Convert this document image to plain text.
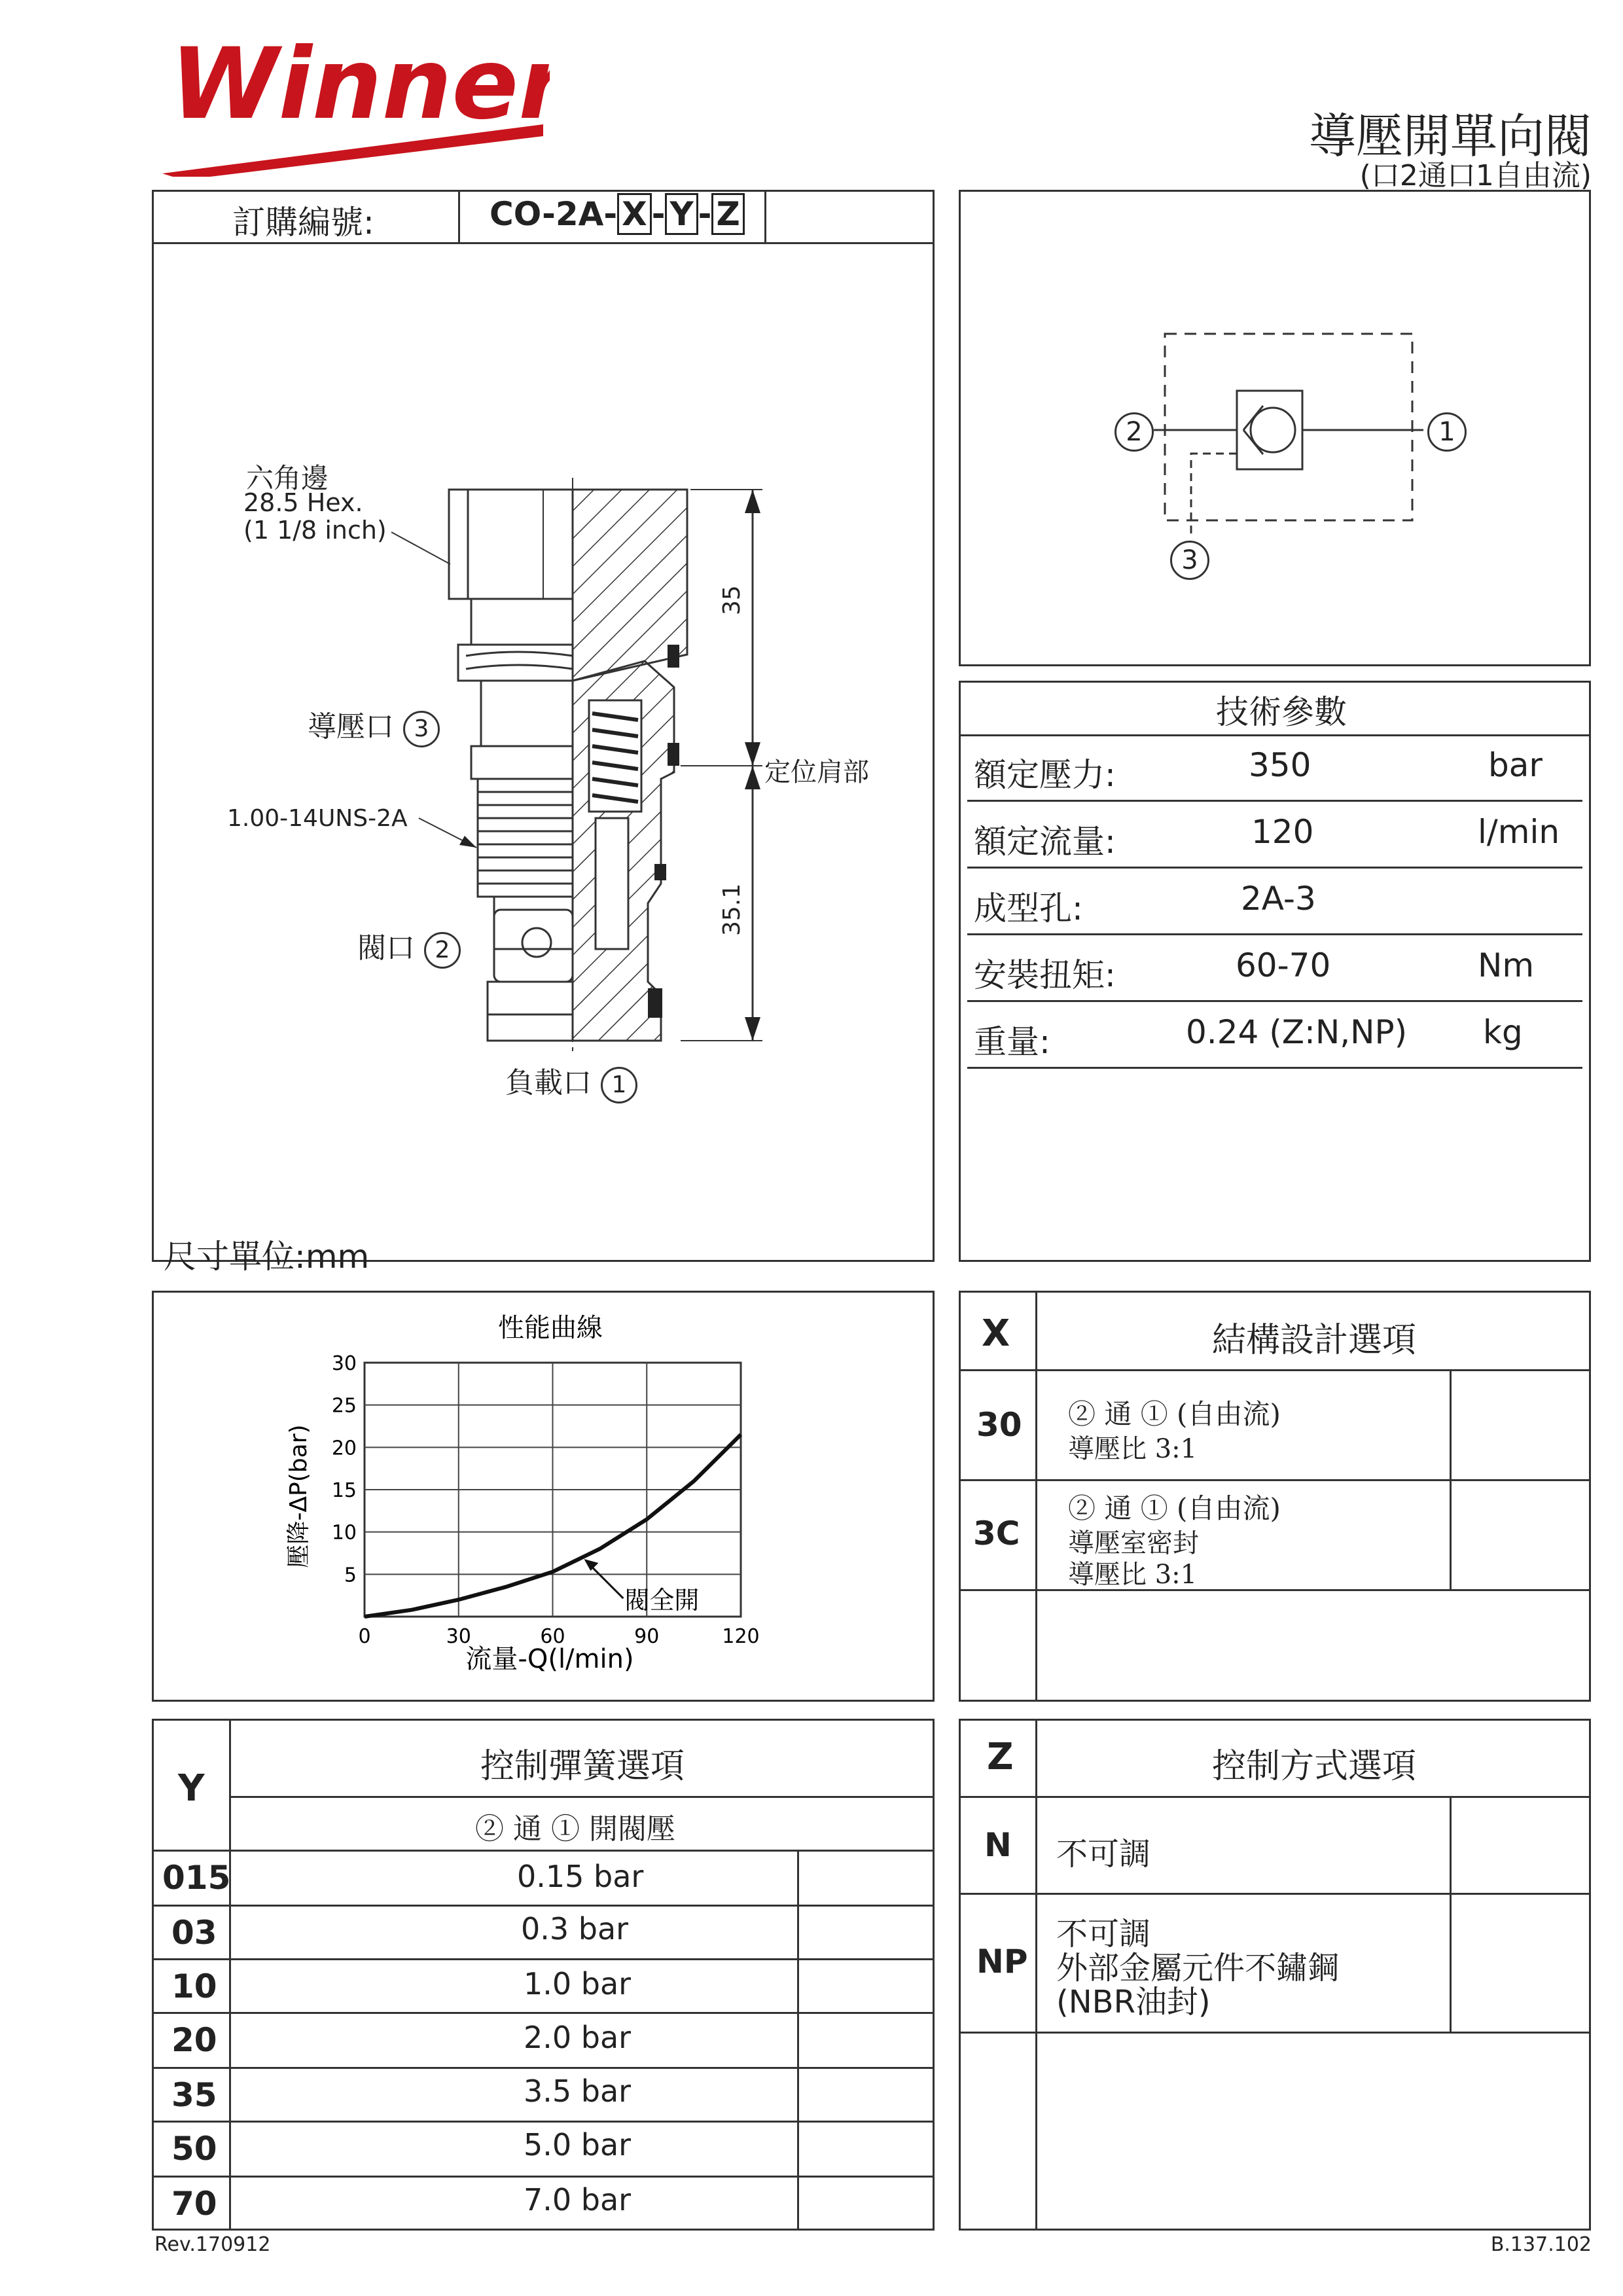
Winner	導壓開單向閥
(口2通口1自由流)
訂購編號:	CO-2A- X - Y - Z
六角邊
28.5 Hex.
(1 1/8 inch)
導壓口 3
1.00-14UNS-2A
閥口 2
負載口 1
35
35.1
定位肩部
尺寸單位:mm
2	1
3
技術參數
額定壓力:	350	bar
額定流量:	120	l/min
成型孔:	2A-3
安裝扭矩:	60-70	Nm
重量:	0.24 (Z:N,NP) kg
性能曲線
流量-Q(l/min)
壓降-ΔP(bar)
0	30	60	90	120
5
10
15
20
25
30
閥全開
X	結構設計選項
30 ② 通 ① (自由流)
導壓比 3:1
3C
② 通 ① (自由流)
導壓室密封
導壓比 3:1
Y
控制彈簧選項
② 通 ① 開閥壓
015	0.15 bar
03	0.3 bar
10	1.0 bar
20	2.0 bar
35	3.5 bar
50	5.0 bar
70	7.0 bar
Z	控制方式選項
N 不可調
NP
不可調
外部金屬元件不鏽鋼
(NBR油封)
Rev.170912	B.137.102
